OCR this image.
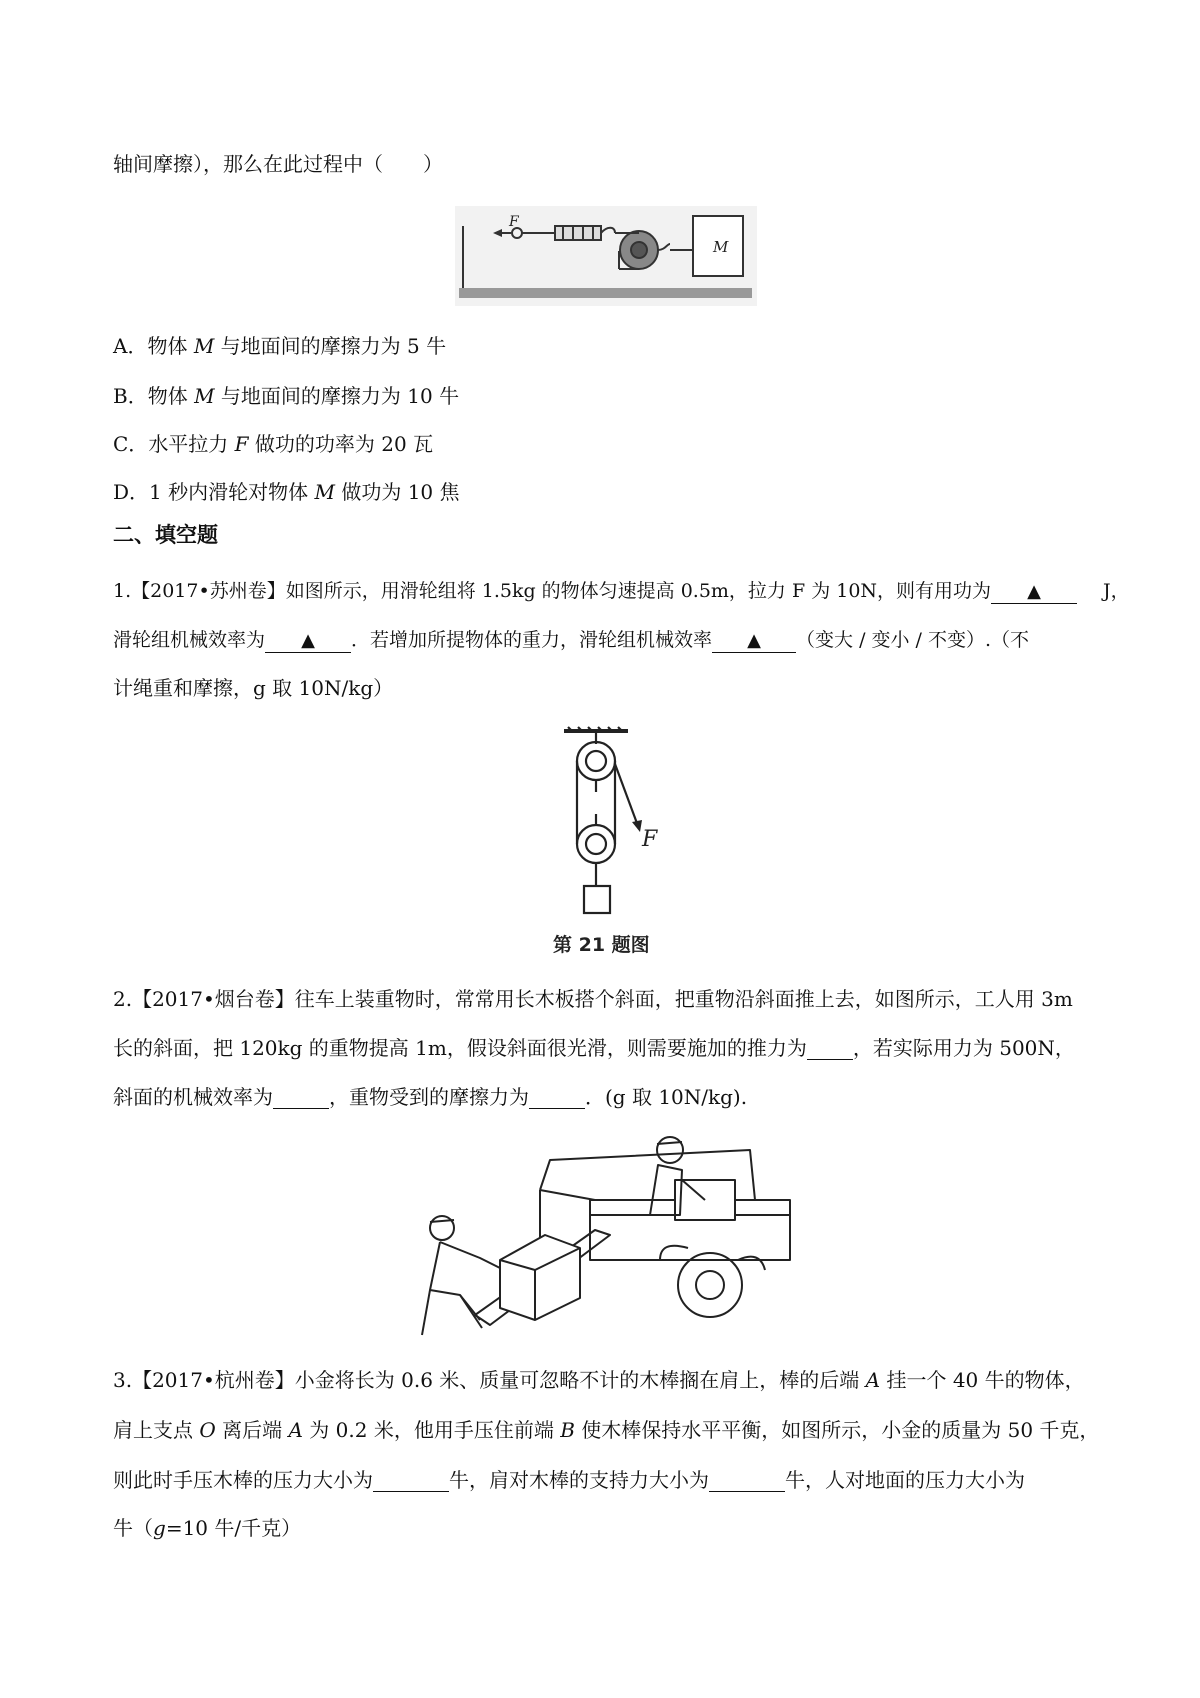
轴间摩擦），那么在此过程中（　　）
F
M
A．物体 M 与地面间的摩擦力为 5 牛
B．物体 M 与地面间的摩擦力为 10 牛
C．水平拉力 F 做功的功率为 20 瓦
D．1 秒内滑轮对物体 M 做功为 10 焦
二、填空题
1.【2017•苏州卷】如图所示，用滑轮组将 1.5kg 的物体匀速提高 0.5m，拉力 F 为 10N，则有用功为 ▲	J，
滑轮组机械效率为 ▲ ．若增加所提物体的重力，滑轮组机械效率 ▲ （变大 / 变小 / 不变）.（不
计绳重和摩擦，g 取 10N/kg）
F
第 21 题图
2.【2017•烟台卷】往车上装重物时，常常用长木板搭个斜面，把重物沿斜面推上去，如图所示，工人用 3m
长的斜面，把 120kg 的重物提高 1m，假设斜面很光滑，则需要施加的推力为 ，若实际用力为 500N，
斜面的机械效率为	，重物受到的摩擦力为	．(g 取 10N/kg).
3.【2017•杭州卷】小金将长为 0.6 米、质量可忽略不计的木棒搁在肩上，棒的后端 A 挂一个 40 牛的物体，
肩上支点 O 离后端 A 为 0.2 米，他用手压住前端 B 使木棒保持水平平衡，如图所示，小金的质量为 50 千克，
则此时手压木棒的压力大小为	牛，肩对木棒的支持力大小为	牛，人对地面的压力大小为
牛（g=10 牛/千克）
